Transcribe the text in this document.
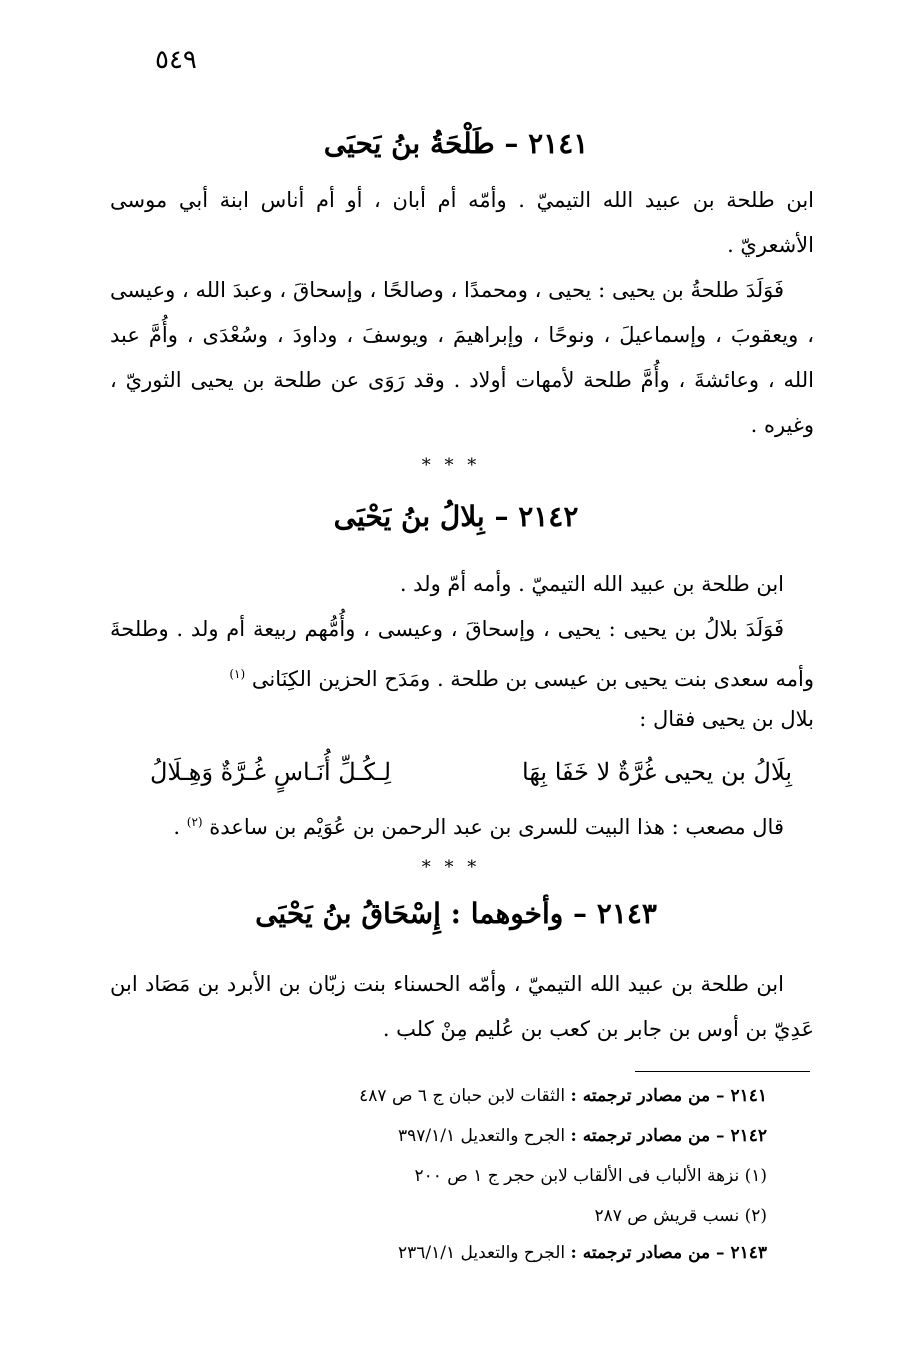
٥٤٩
٢١٤١ – طَلْحَةُ بنُ يَحيَى

ابن طلحة بن عبيد الله التيميّ . وأمّه أم أبان ، أو أم أناس ابنة أبي موسى الأشعريّ .

فَوَلَدَ طلحةُ بن يحيى : يحيى ، ومحمدًا ، وصالحًا ، وإسحاقَ ، وعبدَ الله ، وعيسى ، ويعقوبَ ، وإسماعيلَ ، ونوحًا ، وإبراهيمَ ، ويوسفَ ، وداودَ ، وسُعْدَى ، وأُمَّ عبد الله ، وعائشةَ ، وأُمَّ طلحة لأمهات أولاد . وقد رَوَى عن طلحة بن يحيى الثوريّ ، وغيره .

* * *
٢١٤٢ – بِلالُ بنُ يَحْيَى

ابن طلحة بن عبيد الله التيميّ . وأمه أمّ ولد .

فَوَلَدَ بلالُ بن يحيى : يحيى ، وإسحاقَ ، وعيسى ، وأُمُّهم ربيعة أم ولد . وطلحةَ وأمه سعدى بنت يحيى بن عيسى بن طلحة . ومَدَح الحزين الكِنَانى $^{(١)}$

بلال بن يحيى فقال :

بِلَالُ بن يحيى غُرَّةٌ لا خَفَا بِهَا
لِـكُـلِّ أُنَـاسٍ غُـرَّةٌ وَهِـلَالُ

قال مصعب : هذا البيت للسرى بن عبد الرحمن بن عُوَيْم بن ساعدة $^{(٢)}$ .

* * *
٢١٤٣ – وأخوهما : إِسْحَاقُ بنُ يَحْيَى

ابن طلحة بن عبيد الله التيميّ ، وأمّه الحسناء بنت زبّان بن الأبرد بن مَصَاد ابن عَدِيّ بن أوس بن جابر بن كعب بن عُليم مِنْ كلب .

٢١٤١ – من مصادر ترجمته : الثقات لابن حبان ج ٦ ص ٤٨٧
٢١٤٢ – من مصادر ترجمته : الجرح والتعديل ٣٩٧/١/١
(١) نزهة الألباب فى الألقاب لابن حجر ج ١ ص ٢٠٠
(٢) نسب قريش ص ٢٨٧
٢١٤٣ – من مصادر ترجمته : الجرح والتعديل ٢٣٦/١/١
